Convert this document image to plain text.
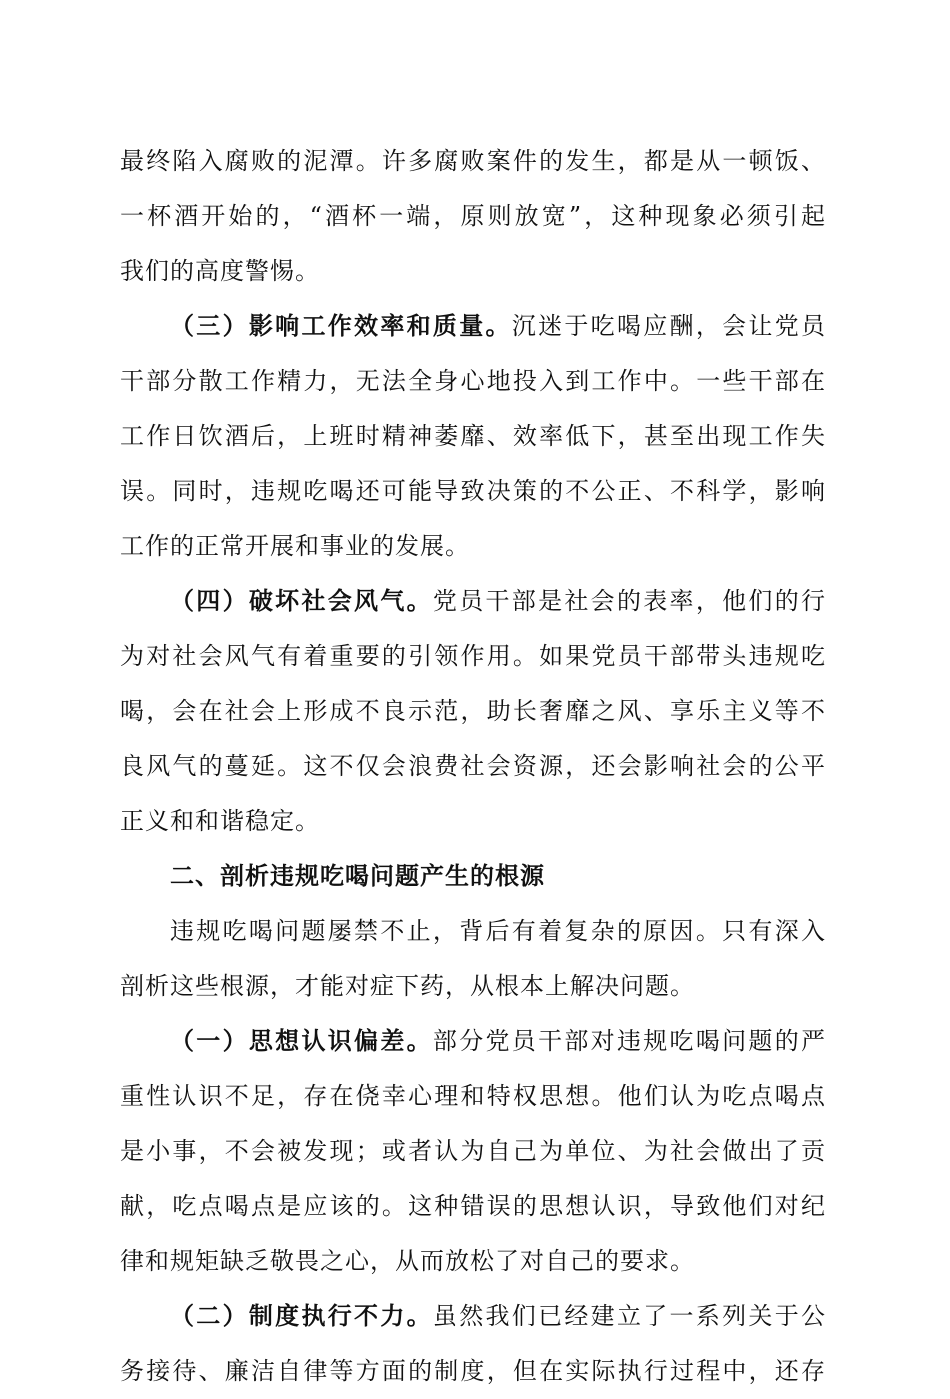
最终陷入腐败的泥潭。许多腐败案件的发生，都是从一顿饭、
一杯酒开始的，“酒杯一端，原则放宽”，这种现象必须引起
我们的高度警惕。
（三）影响工作效率和质量。沉迷于吃喝应酬，会让党员
干部分散工作精力，无法全身心地投入到工作中。一些干部在
工作日饮酒后，上班时精神萎靡、效率低下，甚至出现工作失
误。同时，违规吃喝还可能导致决策的不公正、不科学，影响
工作的正常开展和事业的发展。
（四）破坏社会风气。党员干部是社会的表率，他们的行
为对社会风气有着重要的引领作用。如果党员干部带头违规吃
喝，会在社会上形成不良示范，助长奢靡之风、享乐主义等不
良风气的蔓延。这不仅会浪费社会资源，还会影响社会的公平
正义和和谐稳定。
二、剖析违规吃喝问题产生的根源
违规吃喝问题屡禁不止，背后有着复杂的原因。只有深入
剖析这些根源，才能对症下药，从根本上解决问题。
（一）思想认识偏差。部分党员干部对违规吃喝问题的严
重性认识不足，存在侥幸心理和特权思想。他们认为吃点喝点
是小事，不会被发现；或者认为自己为单位、为社会做出了贡
献，吃点喝点是应该的。这种错误的思想认识，导致他们对纪
律和规矩缺乏敬畏之心，从而放松了对自己的要求。
（二）制度执行不力。虽然我们已经建立了一系列关于公
务接待、廉洁自律等方面的制度，但在实际执行过程中，还存
